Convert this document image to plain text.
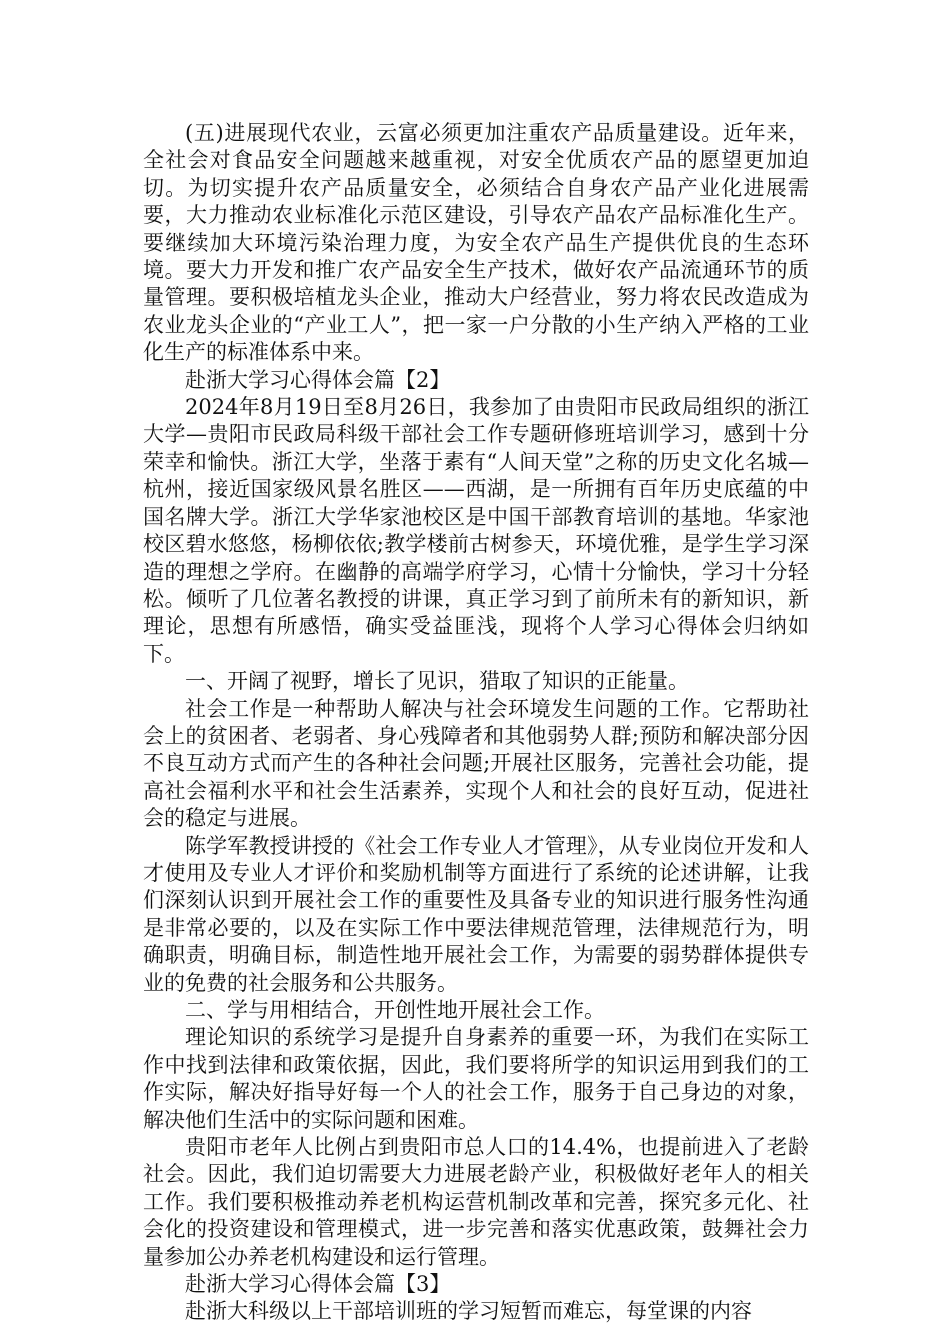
(五)进展现代农业，云富必须更加注重农产品质量建设。近年来，全社会对食品安全问题越来越重视，对安全优质农产品的愿望更加迫切。为切实提升农产品质量安全，必须结合自身农产品产业化进展需要，大力推动农业标准化示范区建设，引导农产品农产品标准化生产。要继续加大环境污染治理力度，为安全农产品生产提供优良的生态环境。要大力开发和推广农产品安全生产技术，做好农产品流通环节的质量管理。要积极培植龙头企业，推动大户经营业，努力将农民改造成为农业龙头企业的“产业工人”，把一家一户分散的小生产纳入严格的工业化生产的标准体系中来。

赴浙大学习心得体会篇【2】

2024年8月19日至8月26日，我参加了由贵阳市民政局组织的浙江大学—贵阳市民政局科级干部社会工作专题研修班培训学习，感到十分荣幸和愉快。浙江大学，坐落于素有“人间天堂”之称的历史文化名城—杭州，接近国家级风景名胜区——西湖，是一所拥有百年历史底蕴的中国名牌大学。浙江大学华家池校区是中国干部教育培训的基地。华家池校区碧水悠悠，杨柳依依;教学楼前古树参天，环境优雅，是学生学习深造的理想之学府。在幽静的高端学府学习，心情十分愉快，学习十分轻松。倾听了几位著名教授的讲课，真正学习到了前所未有的新知识，新理论，思想有所感悟，确实受益匪浅，现将个人学习心得体会归纳如下。

一、开阔了视野，增长了见识，猎取了知识的正能量。

社会工作是一种帮助人解决与社会环境发生问题的工作。它帮助社会上的贫困者、老弱者、身心残障者和其他弱势人群;预防和解决部分因不良互动方式而产生的各种社会问题;开展社区服务，完善社会功能，提高社会福利水平和社会生活素养，实现个人和社会的良好互动，促进社会的稳定与进展。

陈学军教授讲授的《社会工作专业人才管理》，从专业岗位开发和人才使用及专业人才评价和奖励机制等方面进行了系统的论述讲解，让我们深刻认识到开展社会工作的重要性及具备专业的知识进行服务性沟通是非常必要的，以及在实际工作中要法律规范管理，法律规范行为，明确职责，明确目标，制造性地开展社会工作，为需要的弱势群体提供专业的免费的社会服务和公共服务。

二、学与用相结合，开创性地开展社会工作。

理论知识的系统学习是提升自身素养的重要一环，为我们在实际工作中找到法律和政策依据，因此，我们要将所学的知识运用到我们的工作实际，解决好指导好每一个人的社会工作，服务于自己身边的对象，解决他们生活中的实际问题和困难。

贵阳市老年人比例占到贵阳市总人口的14.4%，也提前进入了老龄社会。因此，我们迫切需要大力进展老龄产业，积极做好老年人的相关工作。我们要积极推动养老机构运营机制改革和完善，探究多元化、社会化的投资建设和管理模式，进一步完善和落实优惠政策，鼓舞社会力量参加公办养老机构建设和运行管理。

赴浙大学习心得体会篇【3】

赴浙大科级以上干部培训班的学习短暂而难忘，每堂课的内容
